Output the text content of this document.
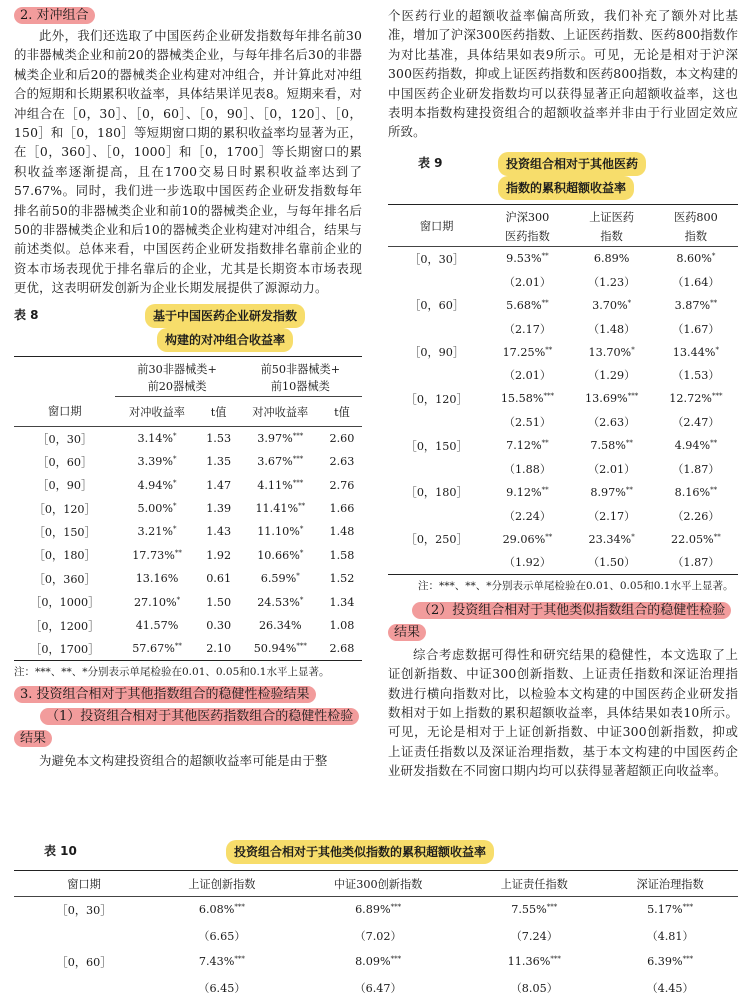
2. 对冲组合

此外，我们还选取了中国医药企业研发指数每年排名前30的非器械类企业和前20的器械类企业，与每年排名后30的非器械类企业和后20的器械类企业构建对冲组合，并计算此对冲组合的短期和长期累积收益率，具体结果详见表8。短期来看，对冲组合在［0，30］、［0，60］、［0，90］、［0，120］、［0，150］和［0，180］等短期窗口期的累积收益率均显著为正，在［0，360］、［0，1000］和［0，1700］等长期窗口的累积收益率逐渐提高，且在1700交易日时累积收益率达到了57.67%。同时，我们进一步选取中国医药企业研发指数每年排名前50的非器械类企业和前10的器械类企业，与每年排名后50的非器械类企业和后10的器械类企业构建对冲组合，结果与前述类似。总体来看，中国医药企业研发指数排名靠前企业的资本市场表现优于排名靠后的企业，尤其是长期资本市场表现更优，这表明研发创新为企业长期发展提供了源源动力。

表 8	基于中国医药企业研发指数
构建的对冲组合收益率
	前30非器械类+		前50非器械类+	
	前20器械类		前10器械类	
窗口期	对冲收益率	t值	对冲收益率	t值
［0，30］	3.14%*	1.53	3.97%***	2.60
［0，60］	3.39%*	1.35	3.67%***	2.63
［0，90］	4.94%*	1.47	4.11%***	2.76
［0，120］	5.00%*	1.39	11.41%**	1.66
［0，150］	3.21%*	1.43	11.10%*	1.48
［0，180］	17.73%**	1.92	10.66%*	1.58
［0，360］	13.16%	0.61	6.59%*	1.52
［0，1000］	27.10%*	1.50	24.53%*	1.34
［0，1200］	41.57%	0.30	26.34%	1.08
［0，1700］	57.67%**	2.10	50.94%***	2.68
注：***、**、*分别表示单尾检验在0.01、0.05和0.1水平上显著。
3. 投资组合相对于其他指数组合的稳健性检验结果
（1）投资组合相对于其他医药指数组合的稳健性检验
结果

为避免本文构建投资组合的超额收益率可能是由于整

个医药行业的超额收益率偏高所致，我们补充了额外对比基准，增加了沪深300医药指数、上证医药指数、医药800指数作为对比基准，具体结果如表9所示。可见，无论是相对于沪深300医药指数，抑或上证医药指数和医药800指数，本文构建的中国医药企业研发指数均可以获得显著正向超额收益率，这也表明本指数构建投资组合的超额收益率并非由于行业固定效应所致。

表 9	投资组合相对于其他医药
指数的累积超额收益率
窗口期	沪深300	上证医药	医药800
	医药指数	指数	指数
［0，30］	9.53%**	6.89%	8.60%*
	（2.01）	（1.23）	（1.64）
［0，60］	5.68%**	3.70%*	3.87%**
	（2.17）	（1.48）	（1.67）
［0，90］	17.25%**	13.70%*	13.44%*
	（2.01）	（1.29）	（1.53）
［0，120］	15.58%***	13.69%***	12.72%***
	（2.51）	（2.63）	（2.47）
［0，150］	7.12%**	7.58%**	4.94%**
	（1.88）	（2.01）	（1.87）
［0，180］	9.12%**	8.97%**	8.16%**
	（2.24）	（2.17）	（2.26）
［0，250］	29.06%**	23.34%*	22.05%**
	（1.92）	（1.50）	（1.87）
注：***、**、*分别表示单尾检验在0.01、0.05和0.1水平上显著。
（2）投资组合相对于其他类似指数组合的稳健性检验
结果

综合考虑数据可得性和研究结果的稳健性，本文选取了上证创新指数、中证300创新指数、上证责任指数和深证治理指数进行横向指数对比，以检验本文构建的中国医药企业研发指数相对于如上指数的累积超额收益率，具体结果如表10所示。可见，无论是相对于上证创新指数、中证300创新指数，抑或上证责任指数以及深证治理指数，基于本文构建的中国医药企业研发指数在不同窗口期内均可以获得显著超额正向收益率。

表 10	投资组合相对于其他类似指数的累积超额收益率
窗口期	上证创新指数	中证300创新指数	上证责任指数	深证治理指数
［0，30］	6.08%***	6.89%***	7.55%***	5.17%***
	（6.65）	（7.02）	（7.24）	（4.81）
［0，60］	7.43%***	8.09%***	11.36%***	6.39%***
	（6.45）	（6.47）	（8.05）	（4.45）
